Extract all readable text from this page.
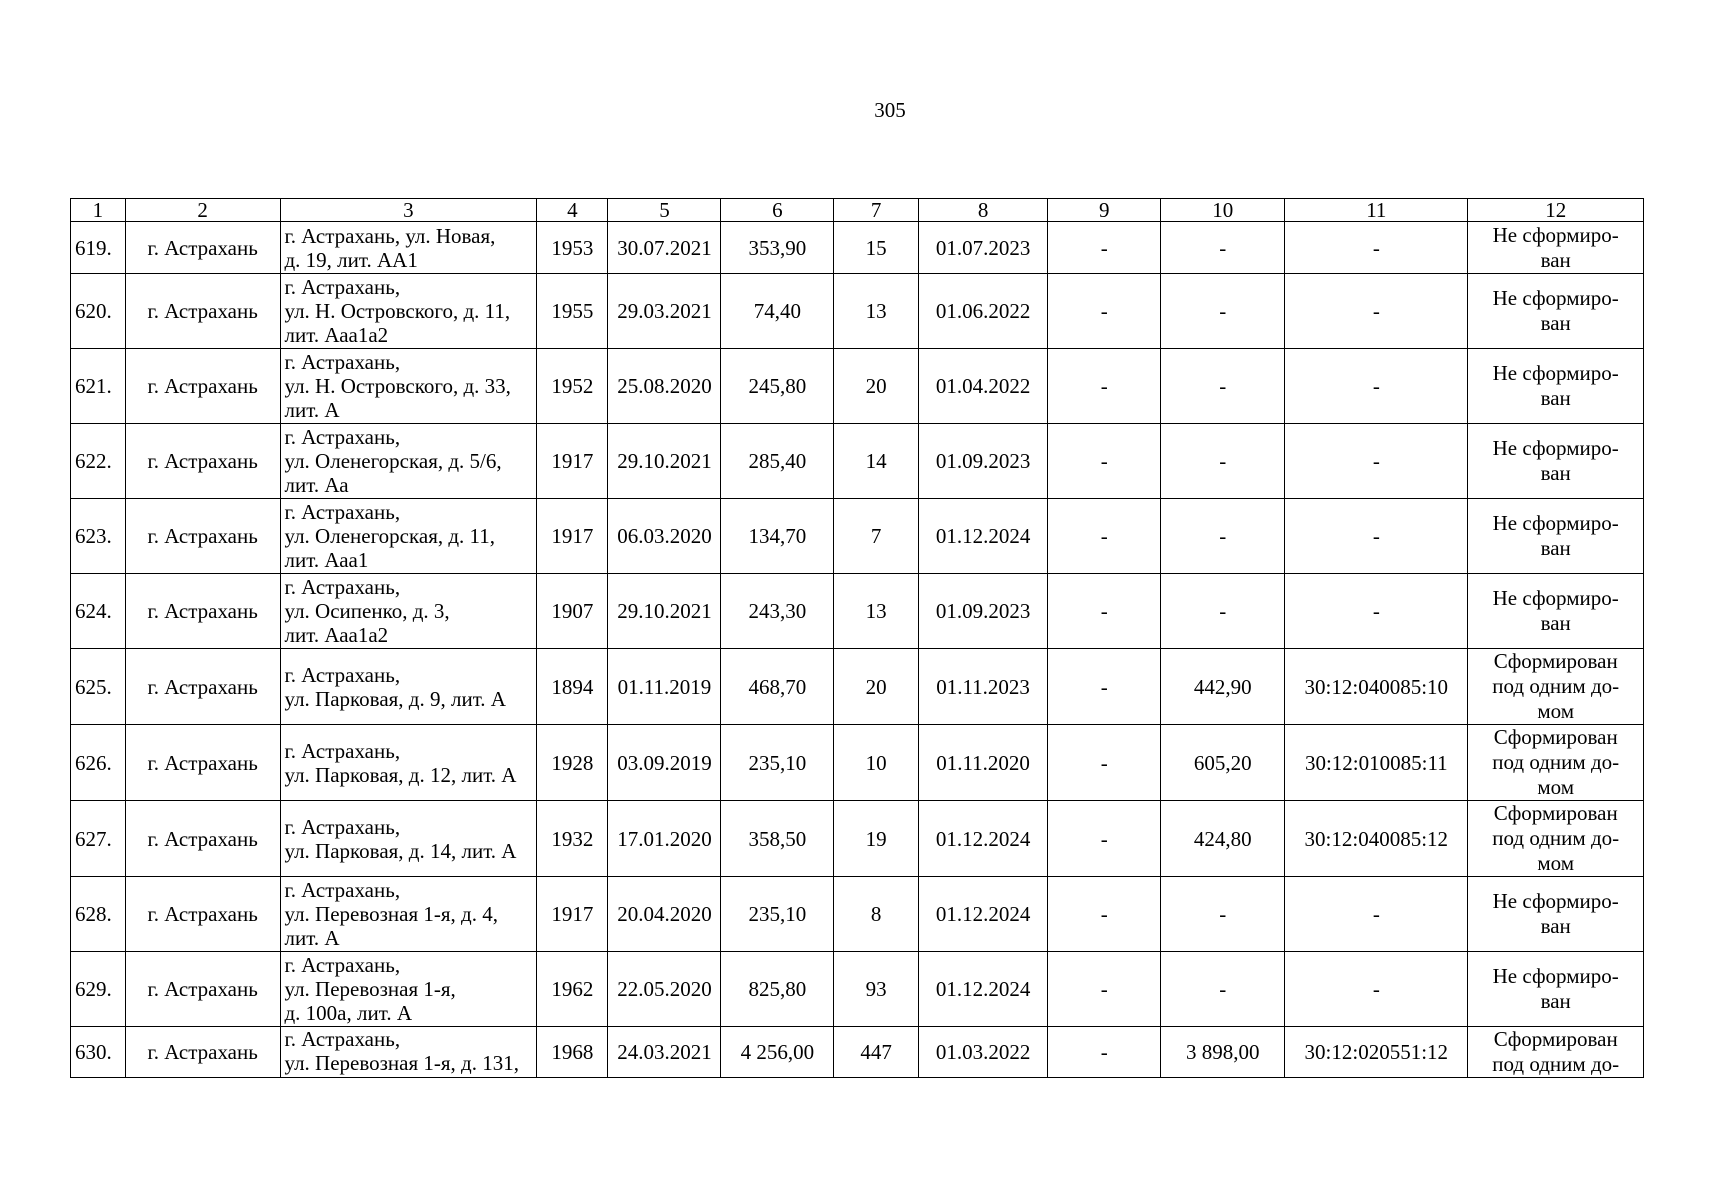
305
1	2	3	4	5	6	7	8	9	10	11	12
619.	г. Астрахань	г. Астрахань, ул. Новая,
д. 19, лит. АА1	1953	30.07.2021	353,90	15	01.07.2023	-	-	-	Не сформиро-
ван
620.	г. Астрахань	г. Астрахань,
ул. Н. Островского, д. 11,
лит. Ааа1а2	1955	29.03.2021	74,40	13	01.06.2022	-	-	-	Не сформиро-
ван
621.	г. Астрахань	г. Астрахань,
ул. Н. Островского, д. 33,
лит. А	1952	25.08.2020	245,80	20	01.04.2022	-	-	-	Не сформиро-
ван
622.	г. Астрахань	г. Астрахань,
ул. Оленегорская, д. 5/6,
лит. Аа	1917	29.10.2021	285,40	14	01.09.2023	-	-	-	Не сформиро-
ван
623.	г. Астрахань	г. Астрахань,
ул. Оленегорская, д. 11,
лит. Ааа1	1917	06.03.2020	134,70	7	01.12.2024	-	-	-	Не сформиро-
ван
624.	г. Астрахань	г. Астрахань,
ул. Осипенко, д. 3,
лит. Ааа1а2	1907	29.10.2021	243,30	13	01.09.2023	-	-	-	Не сформиро-
ван
625.	г. Астрахань	г. Астрахань,
ул. Парковая, д. 9, лит. А	1894	01.11.2019	468,70	20	01.11.2023	-	442,90	30:12:040085:10	Сформирован
под одним до-
мом
626.	г. Астрахань	г. Астрахань,
ул. Парковая, д. 12, лит. А	1928	03.09.2019	235,10	10	01.11.2020	-	605,20	30:12:010085:11	Сформирован
под одним до-
мом
627.	г. Астрахань	г. Астрахань,
ул. Парковая, д. 14, лит. А	1932	17.01.2020	358,50	19	01.12.2024	-	424,80	30:12:040085:12	Сформирован
под одним до-
мом
628.	г. Астрахань	г. Астрахань,
ул. Перевозная 1-я, д. 4,
лит. А	1917	20.04.2020	235,10	8	01.12.2024	-	-	-	Не сформиро-
ван
629.	г. Астрахань	г. Астрахань,
ул. Перевозная 1-я,
д. 100а, лит. А	1962	22.05.2020	825,80	93	01.12.2024	-	-	-	Не сформиро-
ван
630.	г. Астрахань	г. Астрахань,
ул. Перевозная 1-я, д. 131,	1968	24.03.2021	4 256,00	447	01.03.2022	-	3 898,00	30:12:020551:12	Сформирован
под одним до-
